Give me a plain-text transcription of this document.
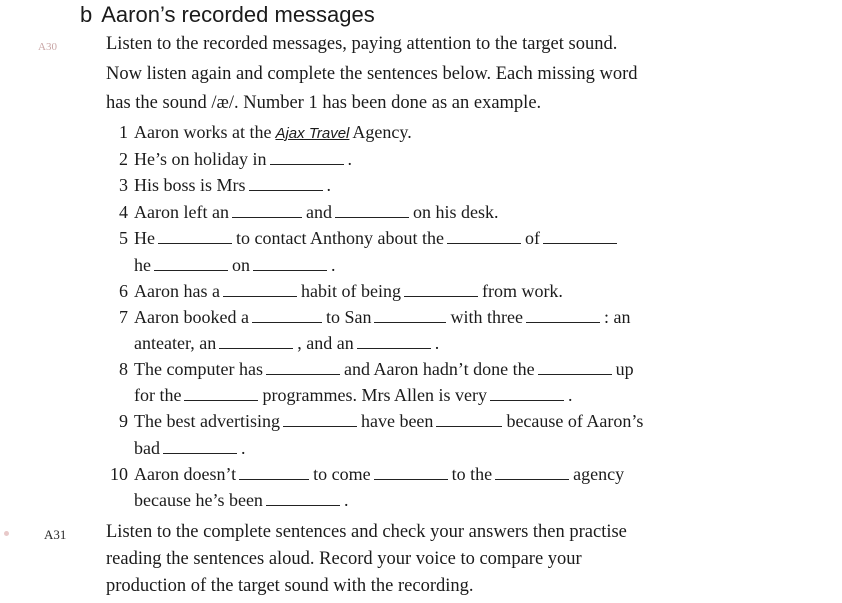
b Aaron’s recorded messages
A30	Listen to the recorded messages, paying attention to the target sound.
Now listen again and complete the sentences below. Each missing word
has the sound /æ/. Number 1 has been done as an example.
1 Aaron works at the Ajax Travel Agency.
2 He’s on holiday in	.
3 His boss is Mrs	.
4 Aaron left an	and	on his desk.
5 He	to contact Anthony about the	of
he	on	.
6 Aaron has a	habit of being	from work.
7 Aaron booked a	to San	with three	: an
anteater, an	, and an	.
8 The computer has	and Aaron hadn’t done the	up
for the	programmes. Mrs Allen is very	.
9 The best advertising	have been	because of Aaron’s
bad	.
10 Aaron doesn’t	to come	to the	agency
because he’s been	.
A31 Listen to the complete sentences and check your answers then practise
reading the sentences aloud. Record your voice to compare your
production of the target sound with the recording.
